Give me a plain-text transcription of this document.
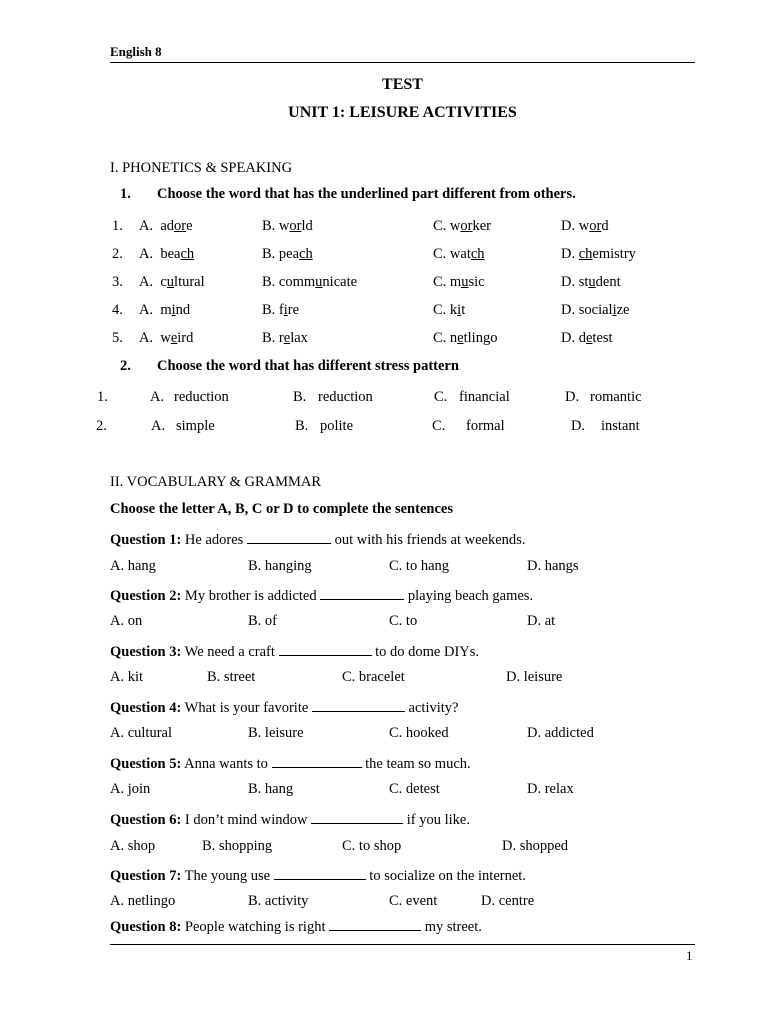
English 8
TEST
UNIT 1: LEISURE ACTIVITIES
I. PHONETICS & SPEAKING
1. Choose the word that has the underlined part different from others.
1. A. adore	B. world	C. worker	D. word
2. A. beach	B. peach	C. watch	D. chemistry
3. A. cultural	B. communicate	C. music	D. student
4. A. mind	B. fire	C. kit	D. socialize
5. A. weird	B. relax	C. netlingo	D. detest
2. Choose the word that has different stress pattern
1.	A. reduction	B. reduction	C. financial	D. romantic
2.	A. simple	B. polite	C. formal	D. instant
II. VOCABULARY & GRAMMAR
Choose the letter A, B, C or D to complete the sentences
Question 1: He adores	out with his friends at weekends.
A. hang	B. hanging	C. to hang	D. hangs
Question 2: My brother is addicted	playing beach games.
A. on	B. of	C. to	D. at
Question 3: We need a craft	to do dome DIYs.
A. kit	B. street	C. bracelet	D. leisure
Question 4: What is your favorite	activity?
A. cultural	B. leisure	C. hooked	D. addicted
Question 5: Anna wants to	the team so much.
A. join	B. hang	C. detest	D. relax
Question 6: I don’t mind window	if you like.
A. shop	B. shopping	C. to shop	D. shopped
Question 7: The young use	to socialize on the internet.
A. netlingo	B. activity	C. event	D. centre
Question 8: People watching is right	my street.
1
